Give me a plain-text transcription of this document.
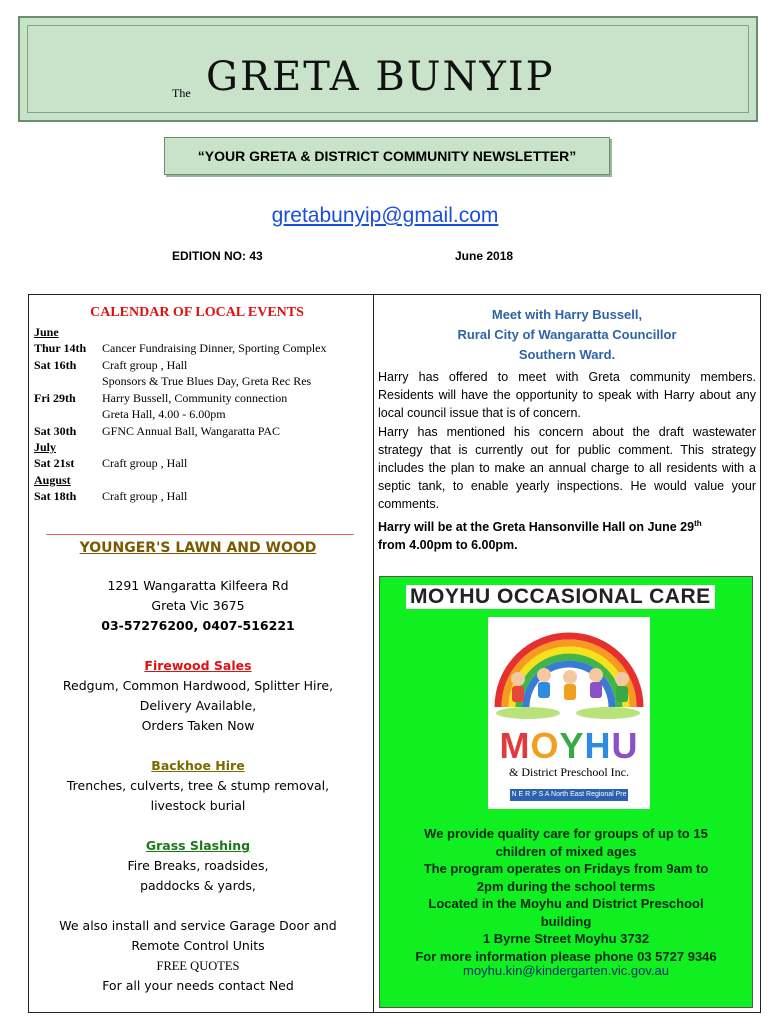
The GRETA BUNYIP
“YOUR GRETA & DISTRICT COMMUNITY NEWSLETTER”
gretabunyip@gmail.com
EDITION NO: 43	June 2018
CALENDAR OF LOCAL EVENTS
June
Thur 14th	Cancer Fundraising Dinner, Sporting Complex
Sat 16th	Craft group , Hall
Sponsors & True Blues Day, Greta Rec Res
Fri 29th	Harry Bussell, Community connection
Greta Hall, 4.00 - 6.00pm
Sat 30th	GFNC Annual Ball, Wangaratta PAC
July
Sat 21st	Craft group , Hall
August
Sat 18th	Craft group , Hall
YOUNGER'S LAWN AND WOOD
1291 Wangaratta Kilfeera Rd
Greta Vic 3675
03-57276200, 0407-516221
Firewood Sales
Redgum, Common Hardwood, Splitter Hire,
Delivery Available,
Orders Taken Now
Backhoe Hire
Trenches, culverts, tree & stump removal,
livestock burial
Grass Slashing
Fire Breaks, roadsides,
paddocks & yards,
We also install and service Garage Door and
Remote Control Units
FREE QUOTES
For all your needs contact Ned
Meet with Harry Bussell,
Rural City of Wangaratta Councillor
Southern Ward.

Harry has offered to meet with Greta community members. Residents will have the opportunity to speak with Harry about any local council issue that is of concern.

Harry has mentioned his concern about the draft wastewater strategy that is currently out for public comment. This strategy includes the plan to make an annual charge to all residents with a septic tank, to enable yearly inspections. He would value your comments.

Harry will be at the Greta Hansonville Hall on June 29th
from 4.00pm to 6.00pm.
MOYHU OCCASIONAL CARE
MOYHU
& District Preschool Inc.
N E R P S A North East Regional Pre School Association
We provide quality care for groups of up to 15
children of mixed ages
The program operates on Fridays from 9am to
2pm during the school terms
Located in the Moyhu and District Preschool
building
1 Byrne Street Moyhu 3732
For more information please phone 03 5727 9346
moyhu.kin@kindergarten.vic.gov.au
